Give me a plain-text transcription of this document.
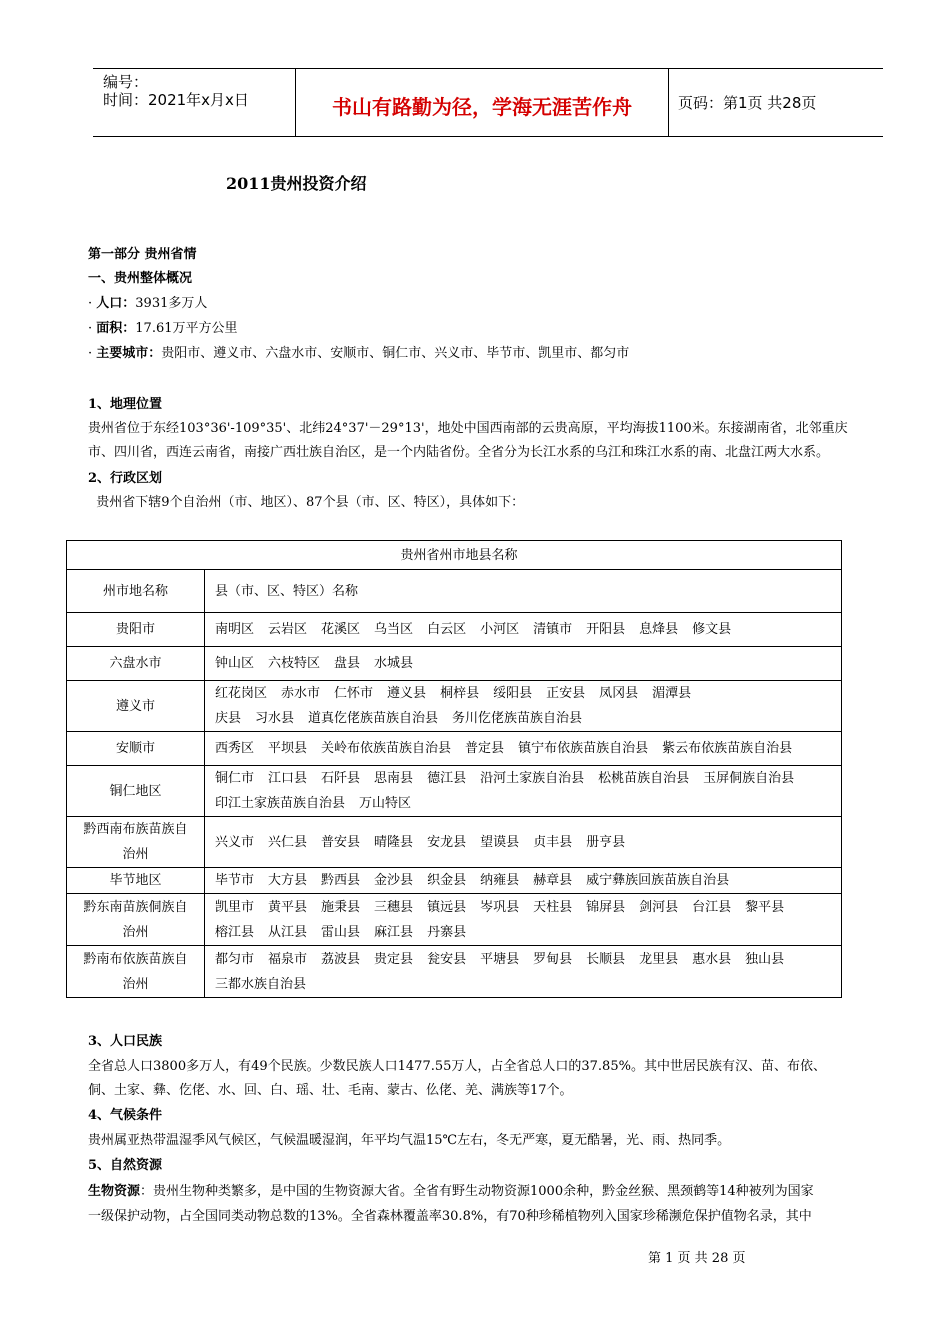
编号：
时间：2021年x月x日	书山有路勤为径，学海无涯苦作舟	页码：第1页 共28页
2011贵州投资介绍
第一部分 贵州省情
一、贵州整体概况
· 人口：3931多万人
· 面积：17.61万平方公里
· 主要城市：贵阳市、遵义市、六盘水市、安顺市、铜仁市、兴义市、毕节市、凯里市、都匀市
1、地理位置
贵州省位于东经103°36'-109°35'、北纬24°37'－29°13'，地处中国西南部的云贵高原，平均海拔1100米。东接湖南省，北邻重庆
市、四川省，西连云南省，南接广西壮族自治区，是一个内陆省份。全省分为长江水系的乌江和珠江水系的南、北盘江两大水系。
2、行政区划
贵州省下辖9个自治州（市、地区）、87个县（市、区、特区），具体如下：
贵州省州市地县名称	
州市地名称	县（市、区、特区）名称
贵阳市	南明区 云岩区 花溪区 乌当区 白云区 小河区 清镇市 开阳县 息烽县 修文县

六盘水市	钟山区 六枝特区 盘县 水城县

遵义市	红花岗区 赤水市 仁怀市 遵义县 桐梓县 绥阳县 正安县 凤冈县 湄潭县
庆县 习水县 道真仡佬族苗族自治县 务川仡佬族苗族自治县

安顺市	西秀区 平坝县 关岭布依族苗族自治县 普定县 镇宁布依族苗族自治县 紫云布依族苗族自治县

铜仁地区	铜仁市 江口县 石阡县 思南县 德江县 沿河土家族自治县 松桃苗族自治县 玉屏侗族自治县
印江土家族苗族自治县 万山特区

黔西南布族苗族自治州	兴义市 兴仁县 普安县 晴隆县 安龙县 望谟县 贞丰县 册亨县

毕节地区	毕节市 大方县 黔西县 金沙县 织金县 纳雍县 赫章县 威宁彝族回族苗族自治县

黔东南苗族侗族自治州	凯里市 黄平县 施秉县 三穗县 镇远县 岑巩县 天柱县 锦屏县 剑河县 台江县 黎平县
榕江县 从江县 雷山县 麻江县 丹寨县

黔南布依族苗族自治州	都匀市 福泉市 荔波县 贵定县 瓮安县 平塘县 罗甸县 长顺县 龙里县 惠水县 独山县
三都水族自治县
3、人口民族
全省总人口3800多万人，有49个民族。少数民族人口1477.55万人，占全省总人口的37.85%。其中世居民族有汉、苗、布依、
侗、土家、彝、仡佬、水、回、白、瑶、壮、毛南、蒙古、仫佬、羌、满族等17个。
4、气候条件
贵州属亚热带温湿季风气候区，气候温暖湿润，年平均气温15℃左右，冬无严寒，夏无酷暑，光、雨、热同季。
5、自然资源
生物资源：贵州生物种类繁多，是中国的生物资源大省。全省有野生动物资源1000余种，黔金丝猴、黑颈鹤等14种被列为国家
一级保护动物，占全国同类动物总数的13%。全省森林覆盖率30.8%，有70种珍稀植物列入国家珍稀濒危保护值物名录，其中
第 1 页 共 28 页
